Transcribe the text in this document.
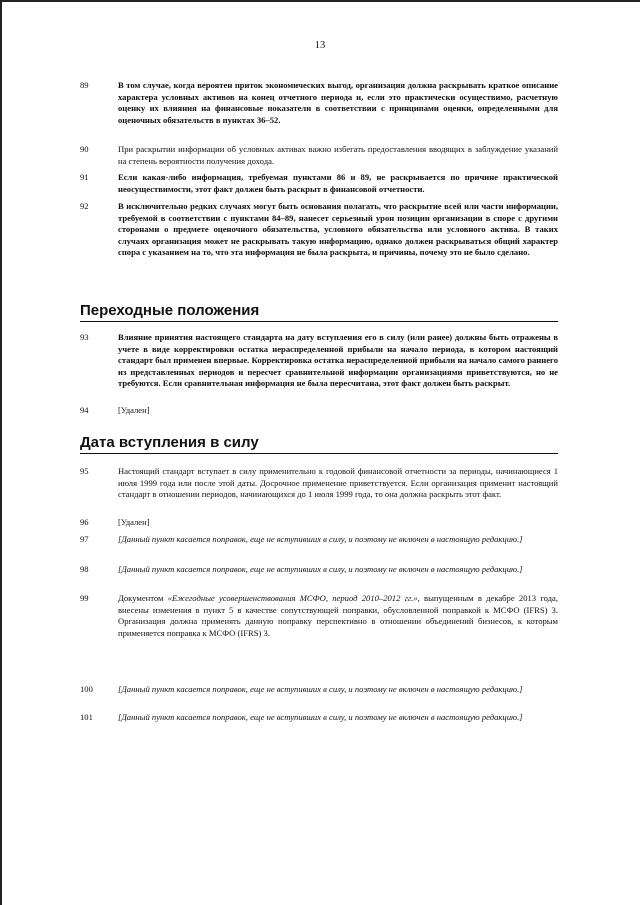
13
89	В том случае, когда вероятен приток экономических выгод, организация должна раскрывать краткое описание характера условных активов на конец отчетного периода и, если это практически осуществимо, расчетную оценку их влияния на финансовые показатели в соответствии с принципами оценки, определенными для оценочных обязательств в пунктах 36–52.
90	При раскрытии информации об условных активах важно избегать предоставления вводящих в заблуждение указаний на степень вероятности получения дохода.
91	Если какая-либо информация, требуемая пунктами 86 и 89, не раскрывается по причине практической неосуществимости, этот факт должен быть раскрыт в финансовой отчетности.
92	В исключительно редких случаях могут быть основания полагать, что раскрытие всей или части информации, требуемой в соответствии с пунктами 84–89, нанесет серьезный урон позиции организации в споре с другими сторонами о предмете оценочного обязательства, условного обязательства или условного актива. В таких случаях организация может не раскрывать такую информацию, однако должен раскрываться общий характер спора с указанием на то, что эта информация не была раскрыта, и причины, почему это не было сделано.
Переходные положения
93	Влияние принятия настоящего стандарта на дату вступления его в силу (или ранее) должны быть отражены в учете в виде корректировки остатка нераспределенной прибыли на начало периода, в котором настоящий стандарт был применен впервые. Корректировка остатка нераспределенной прибыли на начало самого раннего из представленных периодов и пересчет сравнительной информации организациями приветствуются, но не требуются. Если сравнительная информация не была пересчитана, этот факт должен быть раскрыт.
94	[Удален]
Дата вступления в силу
95	Настоящий стандарт вступает в силу применительно к годовой финансовой отчетности за периоды, начинающиеся 1 июля 1999 года или после этой даты. Досрочное применение приветствуется. Если организация применит настоящий стандарт в отношении периодов, начинающихся до 1 июля 1999 года, то она должна раскрыть этот факт.
96	[Удален]
97	[Данный пункт касается поправок, еще не вступивших в силу, и поэтому не включен в настоящую редакцию.]
98	[Данный пункт касается поправок, еще не вступивших в силу, и поэтому не включен в настоящую редакцию.]
99	Документом «Ежегодные усовершенствования МСФО, период 2010–2012 гг.», выпущенным в декабре 2013 года, внесены изменения в пункт 5 в качестве сопутствующей поправки, обусловленной поправкой к МСФО (IFRS) 3. Организация должна применять данную поправку перспективно в отношении объединений бизнесов, к которым применяется поправка к МСФО (IFRS) 3.
100	[Данный пункт касается поправок, еще не вступивших в силу, и поэтому не включен в настоящую редакцию.]
101	[Данный пункт касается поправок, еще не вступивших в силу, и поэтому не включен в настоящую редакцию.]
